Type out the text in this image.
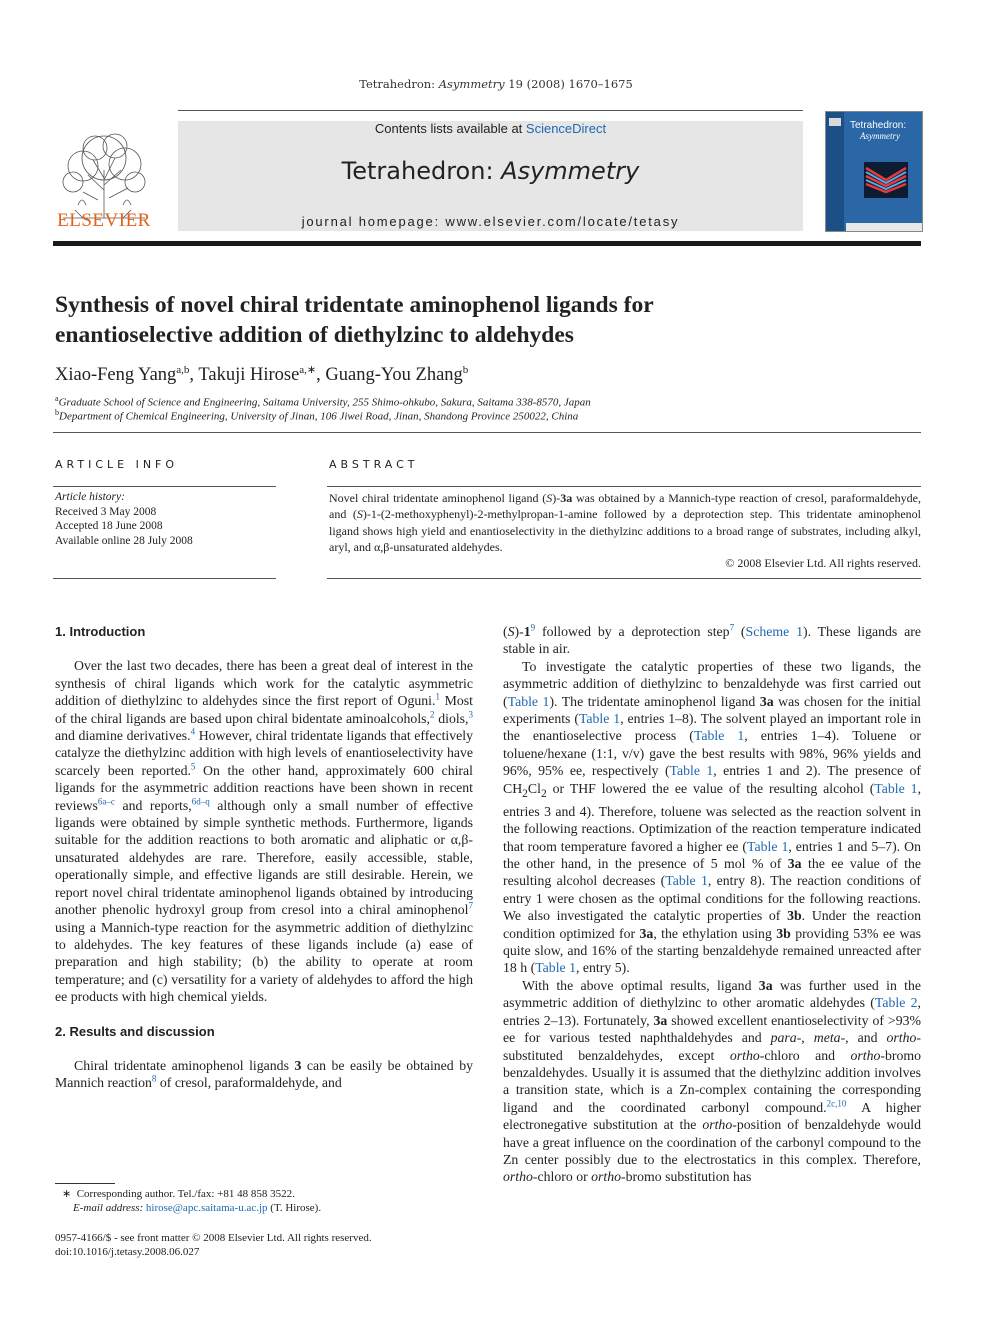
Tetrahedron: Asymmetry 19 (2008) 1670–1675
ELSEVIER
Contents lists available at ScienceDirect
Tetrahedron: Asymmetry
journal homepage: www.elsevier.com/locate/tetasy
Tetrahedron:
Asymmetry
Synthesis of novel chiral tridentate aminophenol ligands for
enantioselective addition of diethylzinc to aldehydes
Xiao-Feng Yang$^{a,b}$, Takuji Hirose$^{a,∗}$, Guang-You Zhang$^b$
$^a$Graduate School of Science and Engineering, Saitama University, 255 Shimo-ohkubo, Sakura, Saitama 338-8570, Japan
$^b$Department of Chemical Engineering, University of Jinan, 106 Jiwei Road, Jinan, Shandong Province 250022, China
ARTICLE INFO
Article history:
Received 3 May 2008
Accepted 18 June 2008
Available online 28 July 2008
ABSTRACT
Novel chiral tridentate aminophenol ligand (S)-3a was obtained by a Mannich-type reaction of cresol, paraformaldehyde, and (S)-1-(2-methoxyphenyl)-2-methylpropan-1-amine followed by a deprotection step. This tridentate aminophenol ligand shows high yield and enantioselectivity in the diethylzinc additions to a broad range of substrates, including alkyl, aryl, and α,β-unsaturated aldehydes.
© 2008 Elsevier Ltd. All rights reserved.
1. Introduction

Over the last two decades, there has been a great deal of interest in the synthesis of chiral ligands which work for the catalytic asymmetric addition of diethylzinc to aldehydes since the first report of Oguni.$^1$ Most of the chiral ligands are based upon chiral bidentate aminoalcohols,$^2$ diols,$^3$ and diamine derivatives.$^4$ However, chiral tridentate ligands that effectively catalyze the diethylzinc addition with high levels of enantioselectivity have scarcely been reported.$^5$ On the other hand, approximately 600 chiral ligands for the asymmetric addition reactions have been shown in recent reviews$^{6a-c}$ and reports,$^{6d-q}$ although only a small number of effective ligands were obtained by simple synthetic methods. Furthermore, ligands suitable for the addition reactions to both aromatic and aliphatic or α,β-unsaturated aldehydes are rare. Therefore, easily accessible, stable, operationally simple, and effective ligands are still desirable. Herein, we report novel chiral tridentate aminophenol ligands obtained by introducing another phenolic hydroxyl group from cresol into a chiral aminophenol$^7$ using a Mannich-type reaction for the asymmetric addition of diethylzinc to aldehydes. The key features of these ligands include (a) ease of preparation and high stability; (b) the ability to operate at room temperature; and (c) versatility for a variety of aldehydes to afford the high ee products with high chemical yields.

2. Results and discussion

Chiral tridentate aminophenol ligands 3 can be easily be obtained by Mannich reaction$^8$ of cresol, paraformaldehyde, and

$(S)-1^9$ followed by a deprotection step$^7$ (Scheme 1). These ligands are stable in air.

To investigate the catalytic properties of these two ligands, the asymmetric addition of diethylzinc to benzaldehyde was first carried out (Table 1). The tridentate aminophenol ligand 3a was chosen for the initial experiments (Table 1, entries 1–8). The solvent played an important role in the enantioselective process (Table 1, entries 1–4). Toluene or toluene/hexane (1:1, v/v) gave the best results with 98%, 96% yields and 96%, 95% ee, respectively (Table 1, entries 1 and 2). The presence of $CH_2Cl_2$ or THF lowered the ee value of the resulting alcohol (Table 1, entries 3 and 4). Therefore, toluene was selected as the reaction solvent in the following reactions. Optimization of the reaction temperature indicated that room temperature favored a higher ee (Table 1, entries 1 and 5–7). On the other hand, in the presence of 5 mol % of 3a the ee value of the resulting alcohol decreases (Table 1, entry 8). The reaction conditions of entry 1 were chosen as the optimal conditions for the following reactions. We also investigated the catalytic properties of 3b. Under the reaction condition optimized for 3a, the ethylation using 3b providing 53% ee was quite slow, and 16% of the starting benzaldehyde remained unreacted after 18 h (Table 1, entry 5).

With the above optimal results, ligand 3a was further used in the asymmetric addition of diethylzinc to other aromatic aldehydes (Table 2, entries 2–13). Fortunately, 3a showed excellent enantioselectivity of >93% ee for various tested naphthaldehydes and para-, meta-, and ortho-substituted benzaldehydes, except ortho-chloro and ortho-bromo benzaldehydes. Usually it is assumed that the diethylzinc addition involves a transition state, which is a Zn-complex containing the corresponding ligand and the coordinated carbonyl compound.$^{2c,10}$ A higher electronegative substitution at the ortho-position of benzaldehyde would have a great influence on the coordination of the carbonyl compound to the Zn center possibly due to the electrostatics in this complex. Therefore, ortho-chloro or ortho-bromo substitution has

∗  Corresponding author. Tel./fax: +81 48 858 3522.
E-mail address: hirose@apc.saitama-u.ac.jp (T. Hirose).
0957-4166/$ - see front matter © 2008 Elsevier Ltd. All rights reserved.
doi:10.1016/j.tetasy.2008.06.027
